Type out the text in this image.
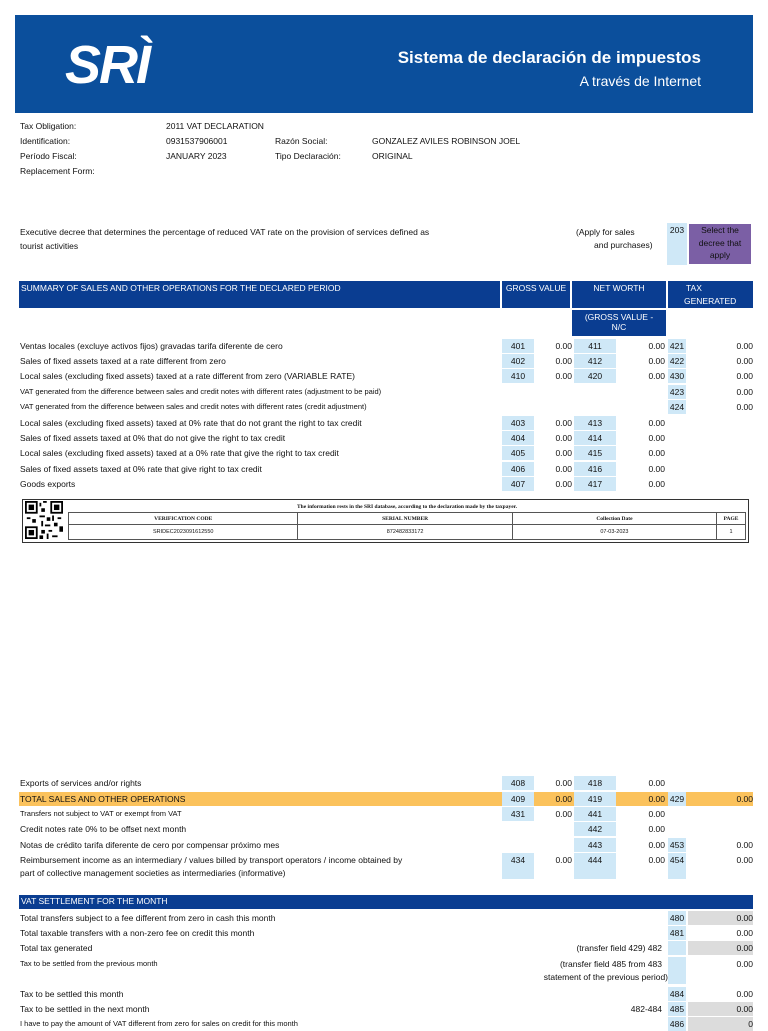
SRÌ	Sistema de declaración de impuestos
A través de Internet
Tax Obligation:	2011 VAT DECLARATION
Identification:	0931537906001	Razón Social:	GONZALEZ AVILES ROBINSON JOEL
Período Fiscal:	JANUARY 2023	Tipo Declaración:	ORIGINAL
Replacement Form:
Executive decree that determines the percentage of reduced VAT rate on the provision of services defined as
tourist activities
(Apply for sales
and purchases)
203	Select the
decree that
apply
SUMMARY OF SALES AND OTHER OPERATIONS FOR THE DECLARED PERIOD	GROSS VALUE	NET WORTH	TAX
GENERATED
(GROSS VALUE -
N/C
Ventas locales (excluye activos fijos) gravadas tarifa diferente de cero	401	0.00	411	0.00 421	0.00
Sales of fixed assets taxed at a rate different from zero	402	0.00	412	0.00 422	0.00
Local sales (excluding fixed assets) taxed at a rate different from zero (VARIABLE RATE)	410	0.00	420	0.00 430	0.00
VAT generated from the difference between sales and credit notes with different rates (adjustment to be paid)	423	0.00
VAT generated from the difference between sales and credit notes with different rates (credit adjustment)	424	0.00
Local sales (excluding fixed assets) taxed at 0% rate that do not grant the right to tax credit	403	0.00	413	0.00
Sales of fixed assets taxed at 0% that do not give the right to tax credit	404	0.00	414	0.00
Local sales (excluding fixed assets) taxed at a 0% rate that give the right to tax credit	405	0.00	415	0.00
Sales of fixed assets taxed at 0% rate that give right to tax credit	406	0.00	416	0.00
Goods exports	407	0.00	417	0.00
The information rests in the SRI database, according to the declaration made by the taxpayer.			
VERIFICATION CODE	SERIAL NUMBER	Collection Date	PAGE
SRIDEC2023091612550	872482833172	07-03-2023	1
Exports of services and/or rights	408	0.00	418	0.00
TOTAL SALES AND OTHER OPERATIONS	409	0.00	419	0.00 429	0.00
Transfers not subject to VAT or exempt from VAT	431	0.00	441	0.00
Credit notes rate 0% to be offset next month	442	0.00
Notas de crédito tarifa diferente de cero por compensar próximo mes	443	0.00 453	0.00
Reimbursement income as an intermediary / values billed by transport operators / income obtained by
part of collective management societies as intermediaries (informative)
434	0.00	444	0.00 454	0.00
VAT SETTLEMENT FOR THE MONTH
Total transfers subject to a fee different from zero in cash this month	480	0.00
Total taxable transfers with a non-zero fee on credit this month	481	0.00
Total tax generated	(transfer field 429) 482	0.00
Tax to be settled from the previous month	(transfer field 485 from 483
statement of the previous period)
0.00
Tax to be settled this month	484	0.00
Tax to be settled in the next month	482-484 485	0.00
I have to pay the amount of VAT different from zero for sales on credit for this month	486	0
